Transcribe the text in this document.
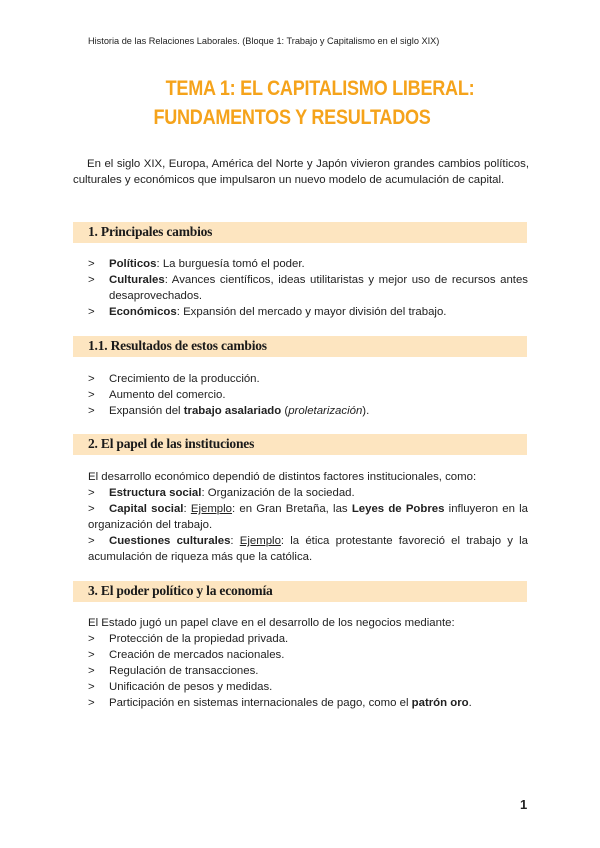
Historia de las Relaciones Laborales. (Bloque 1: Trabajo y Capitalismo en el siglo XIX)
TEMA 1: EL CAPITALISMO LIBERAL:
FUNDAMENTOS Y RESULTADOS
En el siglo XIX, Europa, América del Norte y Japón vivieron grandes cambios políticos, culturales y económicos que impulsaron un nuevo modelo de acumulación de capital.
1. Principales cambios
> Políticos: La burguesía tomó el poder.
> Culturales: Avances científicos, ideas utilitaristas y mejor uso de recursos antes desaprovechados.
> Económicos: Expansión del mercado y mayor división del trabajo.
1.1. Resultados de estos cambios
> Crecimiento de la producción.
> Aumento del comercio.
> Expansión del trabajo asalariado (proletarización).
2. El papel de las instituciones
El desarrollo económico dependió de distintos factores institucionales, como:
> Estructura social: Organización de la sociedad.
> Capital social: Ejemplo: en Gran Bretaña, las Leyes de Pobres influyeron en la organización del trabajo.
> Cuestiones culturales: Ejemplo: la ética protestante favoreció el trabajo y la acumulación de riqueza más que la católica.
3. El poder político y la economía
El Estado jugó un papel clave en el desarrollo de los negocios mediante:
> Protección de la propiedad privada.
> Creación de mercados nacionales.
> Regulación de transacciones.
> Unificación de pesos y medidas.
> Participación en sistemas internacionales de pago, como el patrón oro.
1
